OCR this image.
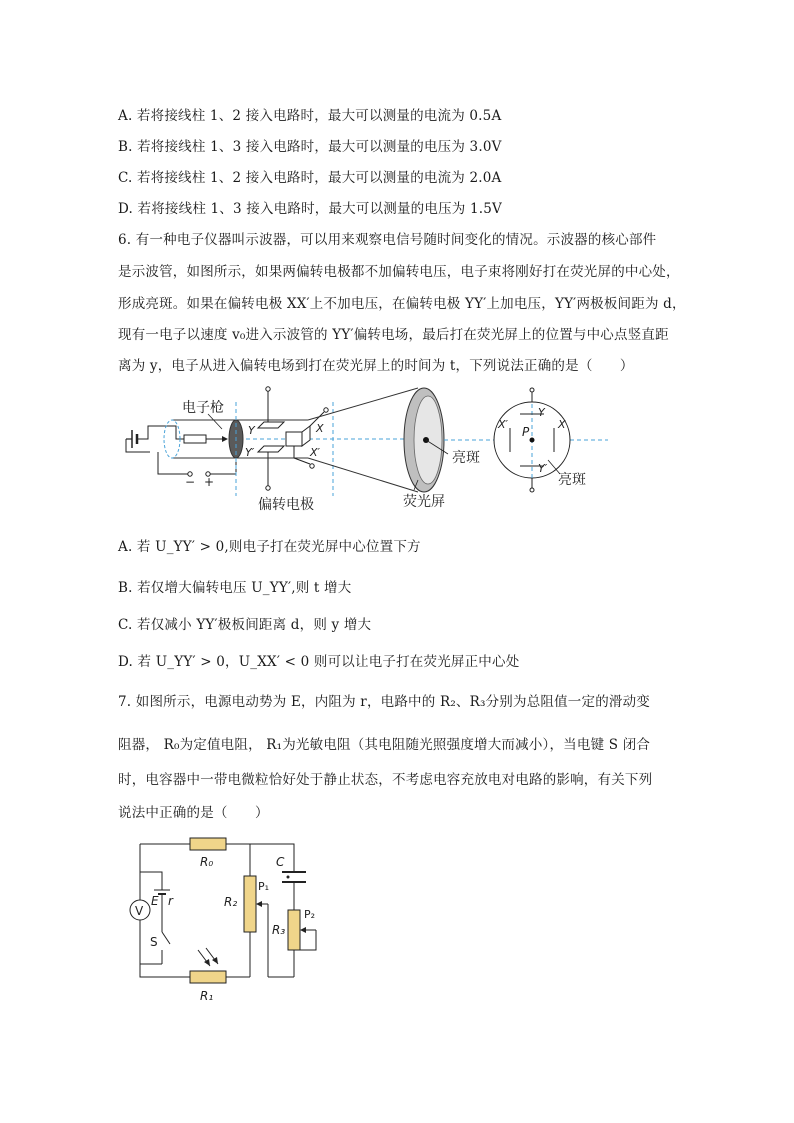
A. 若将接线柱 1、2 接入电路时，最大可以测量的电流为 0.5A
B. 若将接线柱 1、3 接入电路时，最大可以测量的电压为 3.0V
C. 若将接线柱 1、2 接入电路时，最大可以测量的电流为 2.0A
D. 若将接线柱 1、3 接入电路时，最大可以测量的电压为 1.5V
6. 有一种电子仪器叫示波器，可以用来观察电信号随时间变化的情况。示波器的核心部件
是示波管，如图所示，如果两偏转电极都不加偏转电压，电子束将刚好打在荧光屏的中心处，
形成亮斑。如果在偏转电极 XX′上不加电压，在偏转电极 YY′上加电压，YY′两极板间距为 d，
现有一电子以速度 v₀进入示波管的 YY′偏转电场，最后打在荧光屏上的位置与中心点竖直距
离为 y，电子从进入偏转电场到打在荧光屏上的时间为 t，下列说法正确的是（　　）
− +
电子枪
Y
Y′
X
X′
偏转电极
亮斑
荧光屏
Y
Y′
X′	X
P
亮斑
A. 若 U_YY′ > 0,则电子打在荧光屏中心位置下方
B. 若仅增大偏转电压 U_YY′,则 t 增大
C. 若仅减小 YY′极板间距离 d，则 y 增大
D. 若 U_YY′ > 0，U_XX′ < 0 则可以让电子打在荧光屏正中心处
7. 如图所示，电源电动势为 E，内阻为 r，电路中的 R₂、R₃分别为总阻值一定的滑动变
阻器， R₀为定值电阻， R₁为光敏电阻（其电阻随光照强度增大而减小），当电键 S 闭合
时，电容器中一带电微粒恰好处于静止状态，不考虑电容充放电对电路的影响，有关下列
说法中正确的是（　　）
R₀
R₁
V
E r
S
R₂
P₁
C
R₃
P₂
